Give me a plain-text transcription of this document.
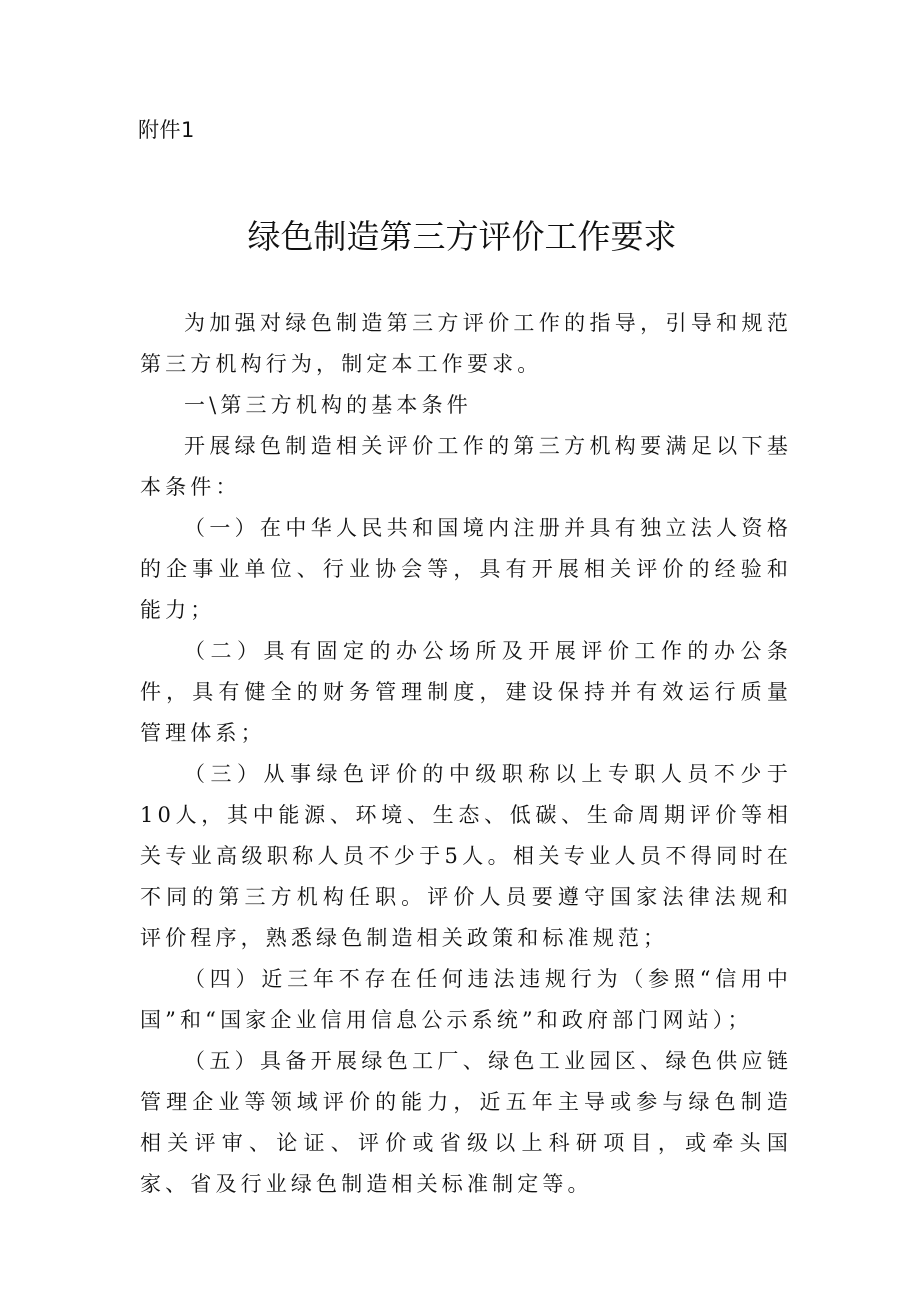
附件1
绿色制造第三方评价工作要求

为加强对绿色制造第三方评价工作的指导，引导和规范第三方机构行为，制定本工作要求。

一\第三方机构的基本条件

开展绿色制造相关评价工作的第三方机构要满足以下基本条件：

（一）在中华人民共和国境内注册并具有独立法人资格的企事业单位、行业协会等，具有开展相关评价的经验和能力；

（二）具有固定的办公场所及开展评价工作的办公条件，具有健全的财务管理制度，建设保持并有效运行质量管理体系；

（三）从事绿色评价的中级职称以上专职人员不少于10人，其中能源、环境、生态、低碳、生命周期评价等相关专业高级职称人员不少于5人。相关专业人员不得同时在不同的第三方机构任职。评价人员要遵守国家法律法规和评价程序，熟悉绿色制造相关政策和标准规范；

（四）近三年不存在任何违法违规行为（参照“信用中国”和“国家企业信用信息公示系统”和政府部门网站）；

（五）具备开展绿色工厂、绿色工业园区、绿色供应链管理企业等领域评价的能力，近五年主导或参与绿色制造相关评审、论证、评价或省级以上科研项目，或牵头国家、省及行业绿色制造相关标准制定等。
